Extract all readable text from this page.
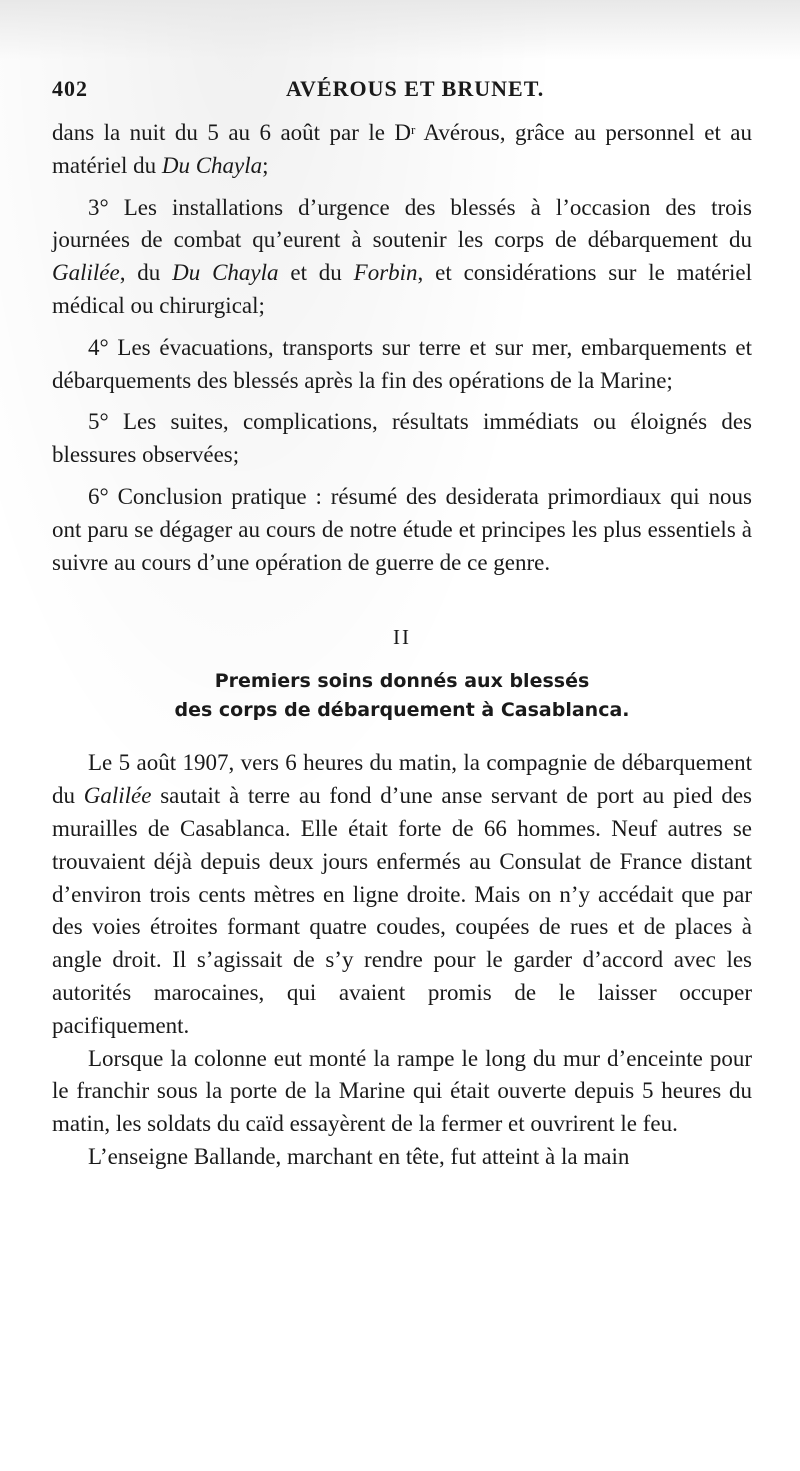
402	AVÉROUS ET BRUNET.

dans la nuit du 5 au 6 août par le $D^r$ Avérous, grâce au personnel et au matériel du Du Chayla;

3° Les installations d’urgence des blessés à l’occasion des trois journées de combat qu’eurent à soutenir les corps de débarquement du Galilée, du Du Chayla et du Forbin, et considérations sur le matériel médical ou chirurgical;

4° Les évacuations, transports sur terre et sur mer, embarquements et débarquements des blessés après la fin des opérations de la Marine;

5° Les suites, complications, résultats immédiats ou éloignés des blessures observées;

6° Conclusion pratique : résumé des desiderata primordiaux qui nous ont paru se dégager au cours de notre étude et principes les plus essentiels à suivre au cours d’une opération de guerre de ce genre.

II
Premiers soins donnés aux blessés
des corps de débarquement à Casablanca.

Le 5 août 1907, vers 6 heures du matin, la compagnie de débarquement du Galilée sautait à terre au fond d’une anse servant de port au pied des murailles de Casablanca. Elle était forte de 66 hommes. Neuf autres se trouvaient déjà depuis deux jours enfermés au Consulat de France distant d’environ trois cents mètres en ligne droite. Mais on n’y accédait que par des voies étroites formant quatre coudes, coupées de rues et de places à angle droit. Il s’agissait de s’y rendre pour le garder d’accord avec les autorités marocaines, qui avaient promis de le laisser occuper pacifiquement.

Lorsque la colonne eut monté la rampe le long du mur d’enceinte pour le franchir sous la porte de la Marine qui était ouverte depuis 5 heures du matin, les soldats du caïd essayèrent de la fermer et ouvrirent le feu.

L’enseigne Ballande, marchant en tête, fut atteint à la main
